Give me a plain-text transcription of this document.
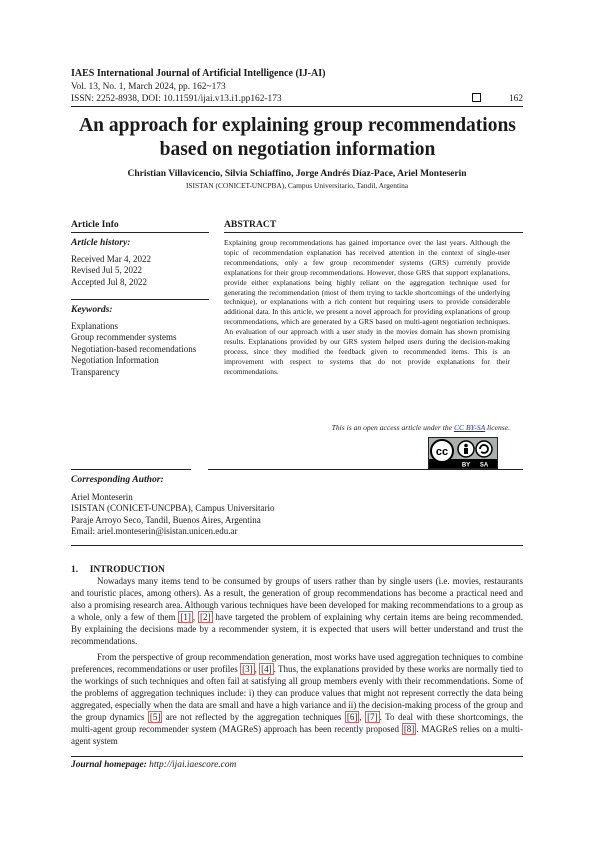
IAES International Journal of Artificial Intelligence (IJ-AI)
Vol. 13, No. 1, March 2024, pp. 162~173
ISSN: 2252-8938, DOI: 10.11591/ijai.v13.i1.pp162-173	162
An approach for explaining group recommendations based on negotiation information
Christian Villavicencio, Silvia Schiaffino, Jorge Andrés Díaz-Pace, Ariel Monteserin
ISISTAN (CONICET-UNCPBA), Campus Universitario, Tandil, Argentina
Article Info
Article history:
Received Mar 4, 2022
Revised Jul 5, 2022
Accepted Jul 8, 2022
Keywords:
Explanations
Group recommender systems
Negotiation-based recomendations
Negotiation Information
Transparency
ABSTRACT
Explaining group recommendations has gained importance over the last years. Although the topic of recommendation explanation has received attention in the context of single-user recommendations, only a few group recommender systems (GRS) currently provide explanations for their group recommendations. However, those GRS that support explanations, provide either explanations being highly reliant on the aggregation technique used for generating the recommendation (most of them trying to tackle shortcomings of the underlying technique), or explanations with a rich content but requiring users to provide considerable additional data. In this article, we present a novel approach for providing explanations of group recommendations, which are generated by a GRS based on multi-agent negotiation techniques. An evaluation of our approach with a user study in the movies domain has shown promising results. Explanations provided by our GRS system helped users during the decision-making process, since they modified the feedback given to recommended items. This is an improvement with respect to systems that do not provide explanations for their recommendations.
This is an open access article under the CC BY-SA license.
cc
BY SA
Corresponding Author:
Ariel Monteserin
ISISTAN (CONICET-UNCPBA), Campus Universitario
Paraje Arroyo Seco, Tandil, Buenos Aires, Argentina
Email: ariel.monteserin@isistan.unicen.edu.ar
1. INTRODUCTION

Nowadays many items tend to be consumed by groups of users rather than by single users (i.e. movies, restaurants and touristic places, among others). As a result, the generation of group recommendations has become a practical need and also a promising research area. Although various techniques have been developed for making recommendations to a group as a whole, only a few of them [1] , [2] have targeted the problem of explaining why certain items are being recommended. By explaining the decisions made by a recommender system, it is expected that users will better understand and trust the recommendations.

From the perspective of group recommendation generation, most works have used aggregation techniques to combine preferences, recommendations or user profiles [3] , [4] . Thus, the explanations provided by these works are normally tied to the workings of such techniques and often fail at satisfying all group members evenly with their recommendations. Some of the problems of aggregation techniques include: i) they can produce values that might not represent correctly the data being aggregated, especially when the data are small and have a high variance and ii) the decision-making process of the group and the group dynamics [5] are not reflected by the aggregation techniques [6] , [7] . To deal with these shortcomings, the multi-agent group recommender system (MAGReS) approach has been recently proposed [8] . MAGReS relies on a multi-agent system

Journal homepage: http://ijai.iaescore.com
